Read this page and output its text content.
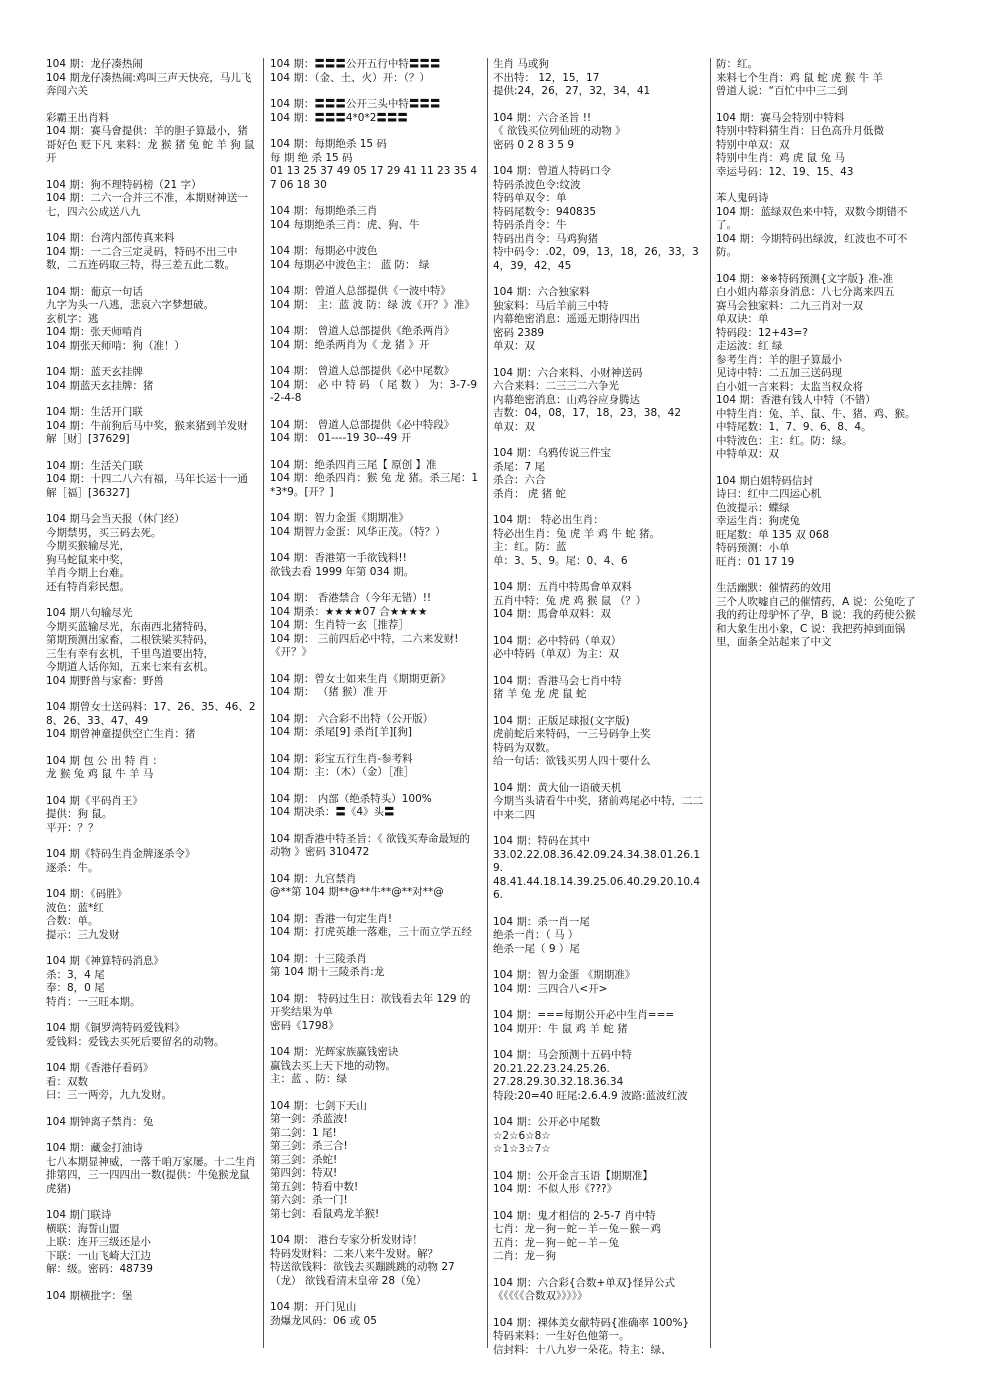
104 期：龙仔凑热闹
104 期龙仔凑热闹:鸡叫三声天快亮，马儿飞奔闯六关
彩霸王出肖料
104 期：赛马會提供：羊的胆子算最小，猪哥好色 贬下凡 来料：龙 猴 猪 兔 蛇 羊 狗 鼠 开
104 期：狗不理特码榜（21 字）
104 期：二六一合并三不准，本期财神送一七，四六公成送八九
104 期：台湾内部传真来料
104 期：一二合三定灵码，特码不出三中数，二五连码取三特，得三差五此二数。
104 期：葡京一句话
九字为头一八逃，悲哀六字梦想破。
玄机字：逃
104 期：张天师啃肖
104 期张天师啃：狗（准！）
104 期：蓝天玄挂牌
104 期蓝天玄挂牌：猪
104 期：生活开门联
104 期：牛前狗后马中奖，猴来猪到羊发财
解［财］[37629]
104 期：生活关门联
104 期：十四二八六有福，马年长运十一通
解［福］[36327]
104 期马会当天报（休门经）
今期禁男，买三码去死。
今期买猴输尽光，
狗马蛇鼠来中奖，
羊肖今期上台难。
还有特肖彩民想。
104 期八句输尽光
今期买蓝输尽光，东南西北猪特码，
第期预测出家畜，二根铁梁买特码，
三生有幸有玄机，千里鸟道要出特，
今期道人话你知，五来七来有玄机。
104 期野兽与家畜：野兽
104 期曾女士送码料：17、26、35、46、28、26、33、47、49
104 期曾神童提供空亡生肖：猪
104 期 包 公 出 特 肖 ：
龙 猴 兔 鸡 鼠 牛 羊 马
104 期《平码肖王》
提供：狗 鼠。
平开：？？
104 期《特码生肖金牌逐杀令》
逐杀：牛。
104 期：《码胜》
波色：蓝*红
合数：单。
提示：三九发财
104 期《神算特码消息》
杀：3，4 尾
奉：8，0 尾
特肖：一三旺本期。
104 期《铜罗湾特码爱钱料》
爱钱料：爱钱去买死后要留名的动物。
104 期《香港仔看码》
看：双数
曰：三一两旁，九九发财。
104 期钟离子禁肖：兔
104 期：藏金打油诗
七八本期显神威，一落千咱万家屡。十二生肖排第四，三一四四出一数(提供：牛兔猴龙鼠虎猪)
104 期门联诗
横联：海誓山盟
上联：连开三级还是小
下联：一山飞崎大江边
解：级。密码：48739
104 期横批字：堡
104 期：〓〓〓公开五行中特〓〓〓
104 期：（金、土、火）开：（？）
104 期：〓〓〓公开三头中特〓〓〓
104 期：〓〓〓4*0*2〓〓〓
104 期：每期绝杀 15 码
每 期 绝 杀 15 码
01 13 25 37 49 05 17 29 41 11 23 35 47 06 18 30
104 期：每期绝杀三肖
104 每期绝杀三肖：虎、狗、牛
104 期：每期必中波色
104 每期必中波色主： 蓝 防： 绿
104 期：曾道人总部提供《一波中特》
104 期： 主：蓝 波 防：绿 波《开？》准》
104 期： 曾道人总部提供《绝杀两肖》
104 期：绝杀两肖为《 龙 猪 》开
104 期： 曾道人总部提供《必中尾数》
104 期： 必 中 特 码 （ 尾 数 ） 为：3-7-9-2-4-8
104 期： 曾道人总部提供《必中特段》
104 期： 01----19 30--49 开
104 期：绝杀四肖三尾【 原创 】准
104 期：绝杀四肖：猴 兔 龙 猪。杀三尾：1*3*9。[开？]
104 期：智力金蛋《期期准》
104 期智力金蛋：风华正茂。（特？）
104 期：香港第一手欲钱料!!
欲钱去看 1999 年第 034 期。
104 期： 香港禁合（今年无错）!!
104 期杀：★★★★07 合★★★★
104 期：生肖特一玄［推荐］
104 期： 三前四后必中特，二六来发财!《开？》
104 期：曾女士如来生肖《期期更新》
104 期： （猪 猴）准 开
104 期： 六合彩不出特（公开版）
104 期：杀尾[9] 杀肖[羊][狗]
104 期：彩宝五行生肖-参考料
104 期：主：（木）（金）［准］
104 期： 内部（绝杀特头）100%
104 期决杀：〓《4》头〓
104 期香港中特圣旨：《 欲钱买寿命最短的动物 》密码 310472
104 期：九宫禁肖
@**第 104 期**@**牛**@**对**@
104 期：香港一句定生肖!
104 期：打虎英雄一落难，三十而立学五经
104 期：十三陵杀肖
第 104 期十三陵杀肖:龙
104 期： 特码过生日：欲钱看去年 129 的开奖结果为单
密码《1798》
104 期：光辉家族赢钱密诀
赢钱去买上天下地的动物。
主：蓝 、防：绿
104 期：七剑下天山
第一剑：杀蓝波!
第二剑：1 尾!
第三剑：杀三合!
第三剑：杀蛇!
第四剑：特双!
第五剑：特看中数!
第六剑：杀一门!
第七剑：看鼠鸡龙羊猴!
104 期： 港台专家分析发财诗！
特码发财料：二来八来牛发财。解？
特送欲钱料：欲钱去买蹦跳跳的动物 27（龙） 欲钱看清末皇帝 28（兔）
104 期：开门见山
劲爆龙风码：06 或 05
生肖 马或狗
不出特： 12，15，17
提供:24，26，27，32，34，41
104 期：六合圣旨 !!
《 欲钱买位列仙班的动物 》
密码 0 2 8 3 5 9
104 期：曾道人特码口令
特码杀波色令:纹波
特码单双令：单
特码尾数令：940835
特码杀肖令：牛
特码出肖令：马鸡狗猪
特中码令：.02，09，13，18，26，33，34，39，42，45
104 期：六合独家料
独家料：马后羊前三中特
内幕绝密消息：遥遥无期待四出
密码 2389
单双：双
104 期：六合来料、小财神送码
六合来料：二三三二六争光
内幕绝密消息：山鸡谷应身腾达
吉数：04，08，17，18，23，38，42
单双：双
104 期：乌鸦传说三件宝
杀尾：7 尾
杀合：六合
杀肖： 虎 猪 蛇
104 期： 特必出生肖：
特必出生肖：兔 虎 羊 鸡 牛 蛇 猪。
主：红。防：蓝
单：3、5、9。尾：0、4、6
104 期：五肖中特馬會单双料
五肖中特：兔 虎 鸡 猴 鼠 （？）
104 期：馬會单双料：双
104 期：必中特码（单双）
必中特码（单双）为主：双
104 期：香港马会七肖中特
猪 羊 兔 龙 虎 鼠 蛇
104 期：正版足球报(文字版)
虎前蛇后来特码，一三号码争上奖
特码为双数。
给一句话：欲钱买男人四十要什么
104 期：黄大仙一语破天机
今期当头请看牛中奖，猪前鸡尾必中特，二二中来二四
104 期：特码在其中
33.02.22.08.36.42.09.24.34.38.01.26.19.
48.41.44.18.14.39.25.06.40.29.20.10.46.
104 期：杀一肖一尾
绝杀一肖：（ 马 ）
绝杀一尾（ 9 ）尾
104 期：智力金蛋 《期期准》
104 期：三四合八<开>
104 期：===每期公开必中生肖===
104 期开：牛 鼠 鸡 羊 蛇 猪
104 期：马会预测十五码中特
20.21.22.23.24.25.26.
27.28.29.30.32.18.36.34
特段:20=40 旺尾:2.6.4.9 波路:蓝波红波
104 期：公开必中尾数
☆2☆6☆8☆
☆1☆3☆7☆
104 期：公开金言玉语【期期准】
104 期：不似人形《???》
104 期：鬼才相信的 2-5-7 肖中特
七肖：龙－狗－蛇－羊－兔－猴－鸡
五肖：龙－狗－蛇－羊－兔
二肖：龙－狗
104 期：六合彩{合数+单双}怪异公式
《《《《《合数双》》》》》
104 期：裸体美女献特码{准确率 100%}
特码来料：一生好色他第一。
信封料：十八九岁一朵花。特主：绿、
防：红。
来料七个生肖：鸡 鼠 蛇 虎 猴 牛 羊
曾道人说：“百忙中中三二到
104 期：赛马会特别中特料
特别中特料猜生肖：日色高升月低微
特别中单双：双
特别中生肖：鸡 虎 鼠 兔 马
幸运号码：12、19、15、43
苯人鬼码诗
104 期：蓝绿双色来中特，双数今期错不了。
104 期：今期特码出绿波，红波也不可不防。
104 期：※※特码预测{文字版} 准-准
白小姐内幕亲身消息：八七分离来四五
赛马会独家料：二九三肖对一双
单双诀：单
特码段：12+43=?
走运波：红 绿
参考生肖：羊的胆子算最小
见诗中特：二五加三送码现
白小姐一言来料：太监当权众将
104 期：香港有钱人中特（不错）
中特生肖：兔、羊、鼠、牛、猪、鸡、猴。
中特尾数：1、7、9、6、8、4。
中特波色：主：红。防：绿。
中特单双：双
104 期白姐特码信封
诗曰：红中二四运心机
色波提示：蝶绿
幸运生肖：狗虎兔
旺尾数：单 135 双 068
特码预测：小单
旺肖：01 17 19
生活幽默：催情药的效用
三个人吹嘘自己的催情药，A 说：公兔吃了我的药让母驴怀了孕，B 说：我的药使公猴和大象生出小象，C 说：我把药掉到面锅里，面条全站起来了中文
